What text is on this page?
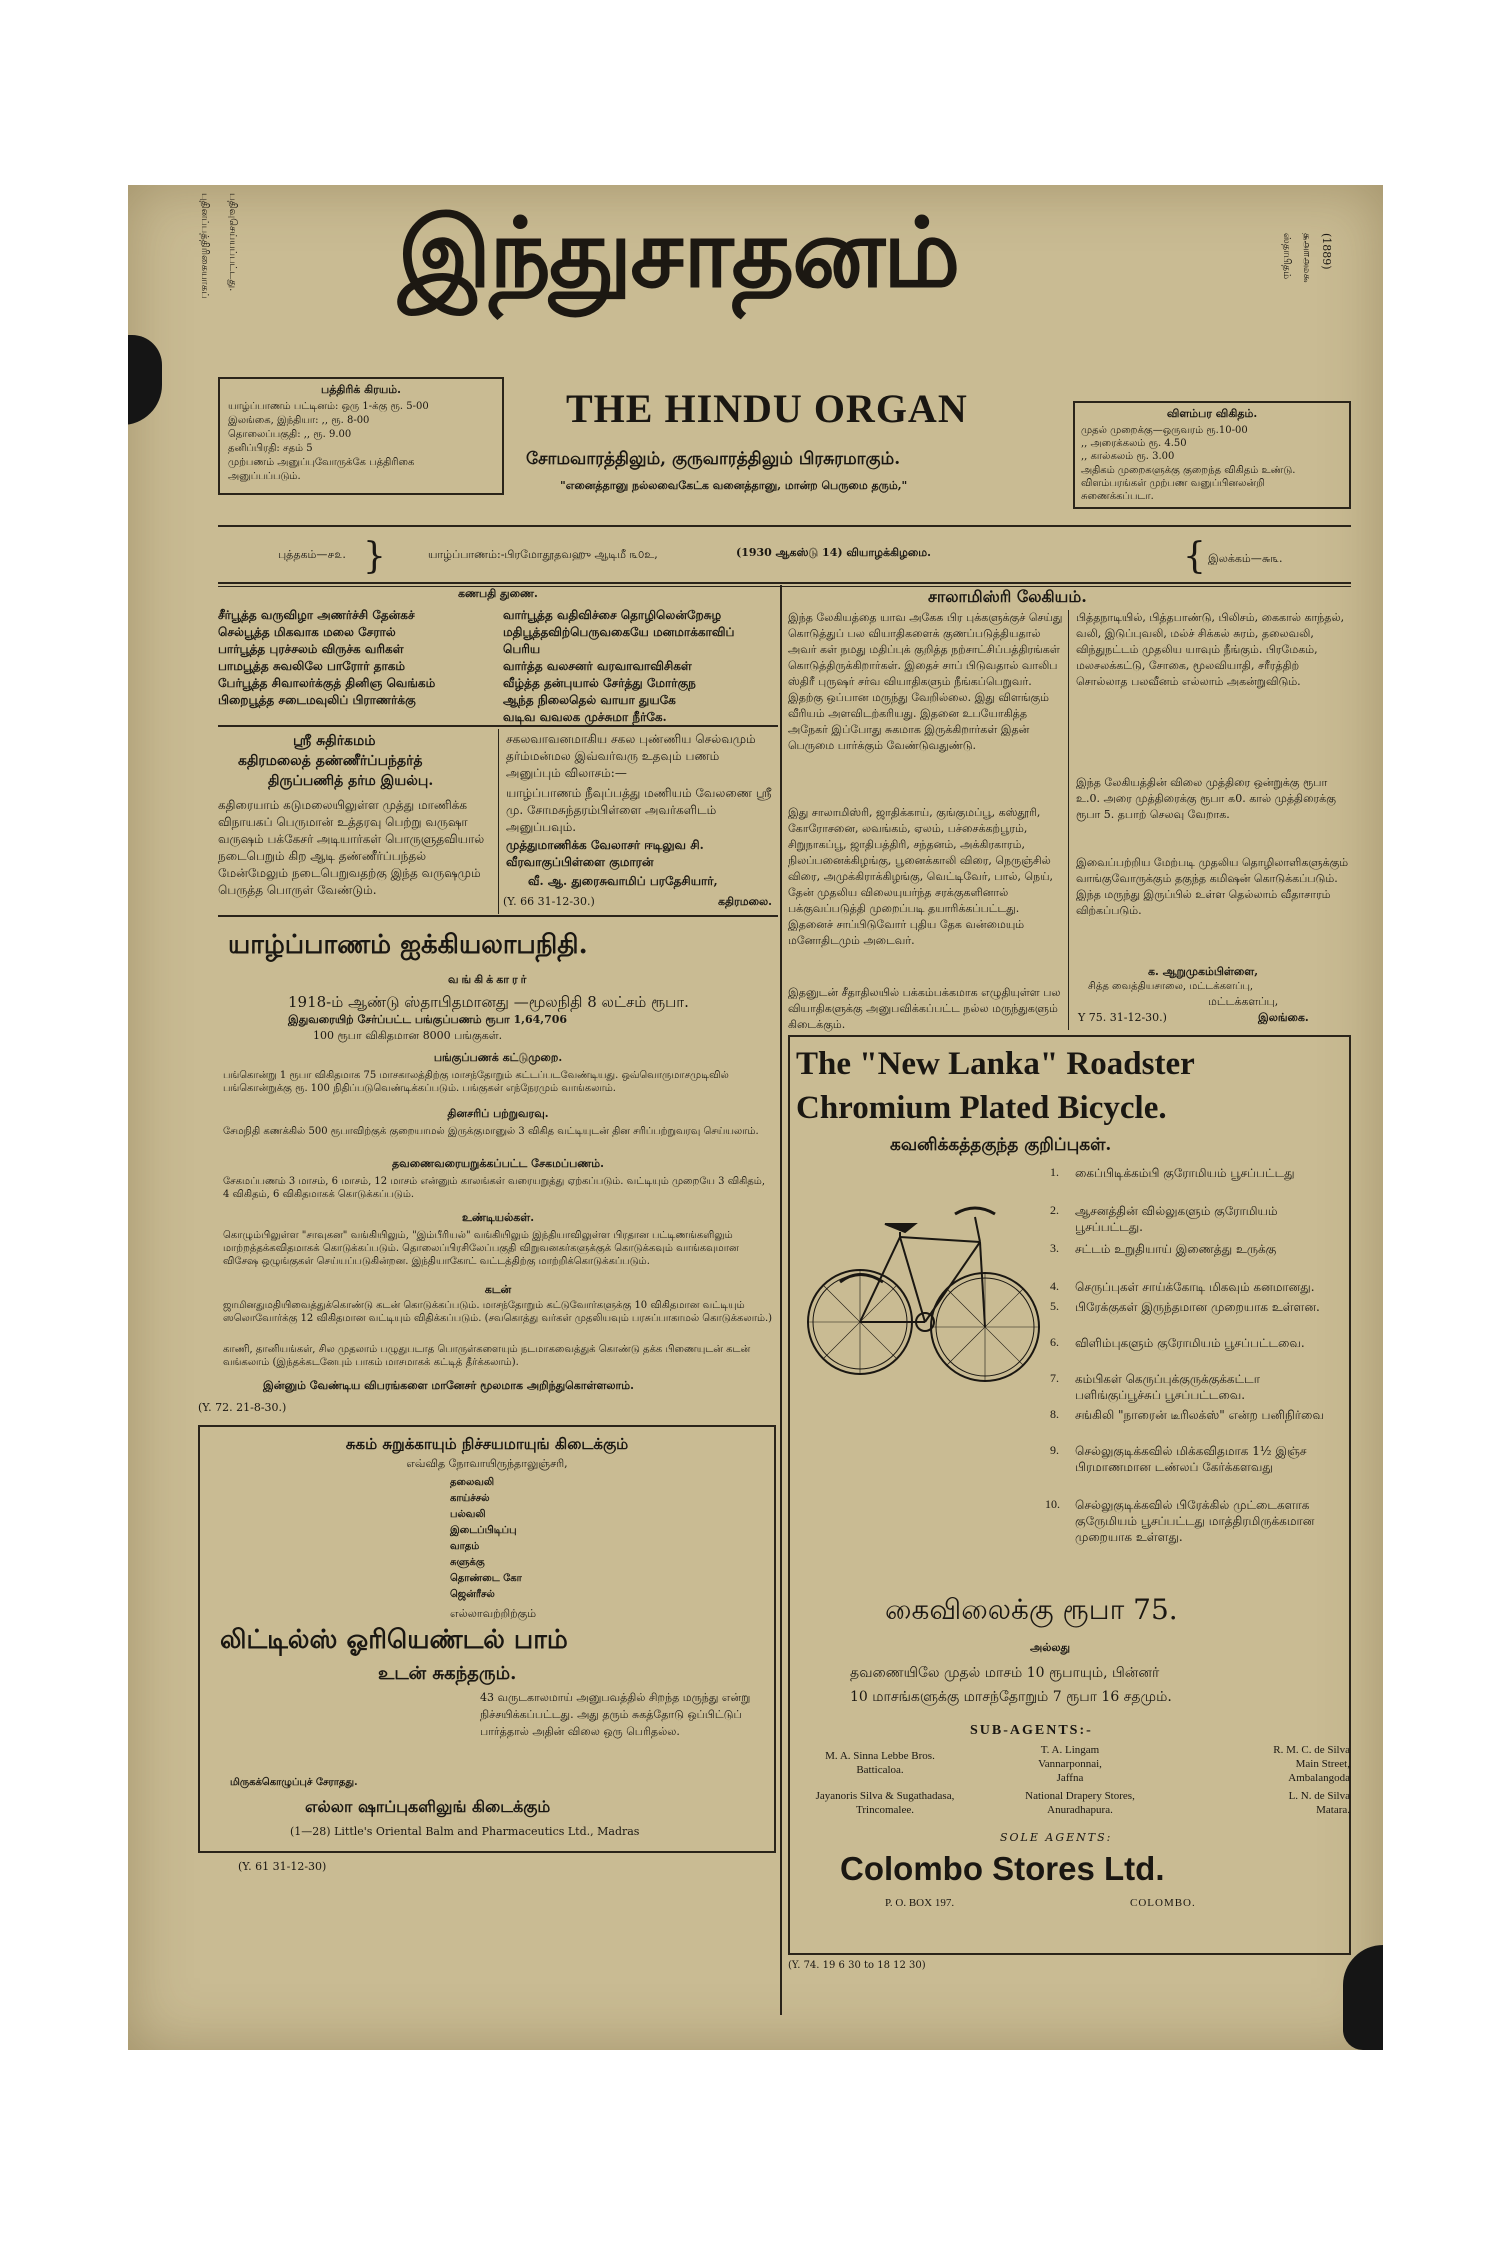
புதினப்பத்திரிகையாகப் பதிவுசெய்யப்பட்டது.	ஸ்தாபிதம் ௲௮௱௮௰௯ (1889)
இந்துசாதனம்
THE HINDU ORGAN
சோமவாரத்திலும், குருவாரத்திலும் பிரசுரமாகும்.
"எனைத்தானு நல்லவைகேட்க வனைத்தானு, மான்ற பெருமை தரும்,"
பத்திரிக் கிரயம்.
யாழ்ப்பாணம் பட்டினம்: ஒரு 1-க்கு ரூ. 5-00
இலங்கை, இந்தியா: ,, ரூ. 8-00
தொலைப்பகுதி: ,, ரூ. 9.00
தனிப்பிரதி: சதம் 5
முற்பணம் அனுப்புவோருக்கே பத்திரிகை
அனுப்பப்படும்.
விளம்பர விகிதம்.
முதல் முறைக்கு—ஒருவரம் ரூ.10-00
,, அரைக்கலம் ரூ. 4.50
,, கால்கலம் ரூ. 3.00
அதிகம் முறைகளுக்கு குறைந்த விகிதம் உண்டு.
விளம்பரங்கள் முற்பண வனுப்பினலன்றி
சுணைக்கப்படா.
புத்தகம்—௪௨. }	யாழ்ப்பாணம்:-பிரமோதூதவஹு ஆடிமீ ௩௦உ,	(1930 ஆகஸ்டு 14) வியாழக்கிழமை.	{ இலக்கம்—௬௩.
கணபதி துணை.
சீர்பூத்த வருவிழா அணர்ச்சி தேன்கச்
செல்பூத்த மிகவாக மலை சேரால்
பார்பூத்த புரச்சலம் விருச்க வரிகள்
பாமபூத்த சுவலிலே பாரோர் தாகம்
பேர்பூத்த சிவாலர்க்குத் தினிஞ வெங்கம்
பிறைபூத்த சடைமவுலிப் பிராணர்க்கு
வார்பூத்த வதிவிச்சை தொழிலென்றேசுழ
மதிபூத்தவிற்பெருவகையே மனமாக்காவிப் பெரிய
வார்த்த வலசனர் வரவாவாவிசிகள்
வீழ்த்த தன்புயால் சேர்த்து மோர்குந
ஆந்த நிலைதெல் வாயா துயகே
வடிவ வவலக முச்சுமா நீர்கே.
ஸ்ரீ சுதிர்கமம்
கதிரமலைத் தண்ணீர்ப்பந்தர்த்
திருப்பணித் தர்ம இயல்பு.
கதிரையாம் கடுமலையிலுள்ள முத்து மாணிக்க விநாயகப் பெருமான் உத்தரவு பெற்று வருஷா வருஷம் பக்கேசர் அடியார்கள் பொருளுதவியால் நடைபெறும் கிற ஆடி தண்ணீர்ப்பந்தல் மேன்மேலும் நடைபெறுவதற்கு இந்த வருஷமும் பெருத்த பொருள் வேண்டும்.
சகலவாவனமாகிய சகல புண்ணிய செல்வமும் தர்ம்மன்மல இவ்வர்வரு உதவும் பணம் அனுப்பும் விலாசம்:—
யாழ்ப்பாணம் நீவுப்பத்து மணியம் வேலணை ஸ்ரீ மு. சோமசுந்தரம்பிள்ளை அவர்களிடம் அனுப்பவும்.
முத்துமாணிக்க வேலாசர் ஈடிலுவ சி. வீரவாகுப்பிள்ளை குமாரன்
வீ. ஆ. துரைசுவாமிப் பரதேசியார்,
(Y. 66 31-12-30.)	கதிரமலை.
யாழ்ப்பாணம் ஐக்கியலாபநிதி.
வங்கிக்காரர்
1918-ம் ஆண்டு ஸ்தாபிதமானது —மூலநிதி 8 லட்சம் ரூபா.
இதுவரையிற் சேர்ப்பட்ட பங்குப்பணம் ரூபா 1,64,706
100 ரூபா விகிதமான 8000 பங்குகள்.
பங்குப்பணக் கட்டுமுறை.
பங்கொன்று 1 ரூபா விகிதமாக 75 மாசகாலத்திற்கு மாசந்தோறும் கட்டப்படவேண்டியது. ஒவ்வொருமாசமுடிவில் பங்கொன்றுக்கு ரூ. 100 நிதிப்படுவெண்டிக்கப்படும். பங்குகள் எந்நேரமும் வாங்கலாம்.
தினசரிப் பற்றுவரவு.
சேமநிதி கணக்கில் 500 ரூபாவிற்குக் குறையாமல் இருக்குமானுல் 3 விகித வட்டியுடன் தின சரிப்பற்றுவரவு செய்யலாம்.
தவணைவரையறுக்கப்பட்ட சேகமப்பணம்.
சேகமப்பணம் 3 மாசம், 6 மாசம், 12 மாசம் என்னும் காலங்கள் வரையறுத்து ஏற்கப்படும். வட்டியும் முறையே 3 விகிதம், 4 விகிதம், 6 விகிதமாகக் கொடுக்கப்படும்.
உண்டியல்கள்.
கொழும்பிலுள்ள "சாவுகன" வங்கியிலும், "இம்பீரியல்" வங்கியிலும் இந்தியாவிலுள்ள பிரதான பட்டிணங்களிலும் மாற்றத்தக்கவிதமாகக் கொடுக்கப்படும். தொலைப்பிரசிலேப்பகுதி விறுவனகர்களுக்குக் கொடுக்கவும் வாங்கவுமான விசேஷ ஒழுங்குகள் செய்யப்படுகின்றன. இந்தியாகோட் வட்டத்திற்கு மாற்றிக்கொடுக்கப்படும்.
கடன்
ஜாமினதுமதியிவைத்துக்கொண்டு கடன் கொடுக்கப்படும். மாசந்தோறும் கட்டுவோர்களுக்கு 10 விகிதமான வட்டியும் ஸலொவோர்க்கு 12 விகிதமான வட்டியும் விதிக்கப்படும். (சவகொத்து வர்கள் முதலியவும் பரசுப்பாகாமல் கொடுக்கலாம்.)
காணி, தானியங்கள், சில முதலாம் பழுதுபடாத பொருள்களையும் நடமாகவைத்துக் கொண்டு தக்க பிணையுடன் கடன் வங்கலாம் (இந்தக்கடனேபும் பாகம் மாசமாகக் கட்டித் தீர்க்கலாம்).
இன்னும் வேண்டிய விபரங்களை மானேசர் மூலமாக அறிந்துகொள்ளலாம்.
(Y. 72. 21-8-30.)
சுகம் சுறுக்காயும் நிச்சயமாயுங் கிடைக்கும்
எவ்வித நோவாயிருந்தாலுஞ்சரி,
தலைவலி
காய்ச்சல்
பல்வலி
இடைப்பிடிப்பு
வாதம்
சுளுக்கு
தொண்டை கோ
ஜென்ரீசல்
எல்லாவற்றிற்கும்
லிட்டில்ஸ் ஓரியெண்டல் பாம்
உடன் சுகந்தரும்.
43 வருடகாலமாய் அனுபவத்தில் சிறந்த மருந்து என்று நிச்சயிக்கப்பட்டது. அது தரும் சுகத்தோடு ஒப்பிட்டுப் பார்த்தால் அதின் விலை ஒரு பெரிதல்ல.
மிருகக்கொழுப்புச் சேராதது.
எல்லா ஷாப்புகளிலுங் கிடைக்கும்
(1—28) Little's Oriental Balm and Pharmaceutics Ltd., Madras
(Y. 61 31-12-30)
சாலாமிஸ்ரி லேகியம்.
இந்த லேகியத்தை யாவ அகேக பிர புக்களுக்குச் செய்து கொடுத்துப் பல வியாதிகளைக் குணப்படுத்தியதால் அவர் கள் நமது மதிப்புக் குறித்த நற்சாட்சிப்பத்திரங்கள் கொடுத்திருக்கிறார்கள். இதைச் சாப் பிடுவதால் வாலிப ஸ்திரீ புருஷர் சர்வ வியாதிகளும் நீங்கப்பெறுவர். இதற்கு ஒப்பான மருந்து வேறில்லை. இது விளங்கும் வீரியம் அளவிடற்கரியது. இதனை உபயோகித்த அநேகர் இப்போது சுகமாக இருக்கிறார்கள் இதன் பெருமை பார்க்கும் வேண்டுவதுண்டு.
இது சாலாமிஸ்ரி, ஜாதிக்காய், குங்குமப்பூ, கஸ்தூரி, கோரோசனை, லவங்கம், ஏலம், பச்சைக்கற்பூரம், சிறுநாகப்பூ, ஜாதிபத்திரி, சந்தனம், அக்கிரகாரம், நிலப்பனைக்கிழங்கு, பூனைக்காலி விரை, நெருஞ்சில் விரை, அமுக்கிராக்கிழங்கு, வெட்டிவேர், பால், நெய், தேன் முதலிய விலையுயர்ந்த சரக்குகளினால் பக்குவப்படுத்தி முறைப்படி தயாரிக்கப்பட்டது. இதனைச் சாப்பிடுவோர் புதிய தேக வன்மையும் மனோதிடமும் அடைவர்.
இதனுடன் சீதாதிலயில் பக்கம்பக்கமாக எழுதியுள்ள பல வியாதிகளுக்கு அனுபவிக்கப்பட்ட நல்ல மருந்துகளும் கிடைக்கும்.
பித்தநாடியில், பித்தபாண்டு, பிலிசம், கைகால் காந்தல், வலி, இடுப்புவலி, மல்ச் சிக்கல் சுரம், தலைவலி, விந்துநட்டம் முதலிய யாவும் நீங்கும். பிரமேகம், மலசலக்கட்டு, சோகை, மூலவியாதி, சரீரத்திற் சொல்லாத பலவீனம் எல்லாம் அகன்றுவிடும்.
இந்த லேகியத்தின் விலை முத்திரை ஒன்றுக்கு ரூபா உ.0. அரை முத்திரைக்கு ரூபா ௧0. கால் முத்திரைக்கு ரூபா 5. தபாற் செலவு வேறாக.
இவைப்பற்றிய மேற்படி முதலிய தொழிலாளிகளுக்கும் வாங்குவோருக்கும் தகுந்த கமிஷன் கொடுக்கப்படும். இந்த மருந்து இருப்பில் உள்ள தெல்லாம் வீதாசாரம் விற்கப்படும்.
க. ஆறுமுகம்பிள்ளை,
சித்த வைத்தியசாலை, மட்டக்களப்பு,
மட்டக்களப்பு,
இலங்கை.
Y 75. 31-12-30.)
The "New Lanka" Roadster
Chromium Plated Bicycle.
கவனிக்கத்தகுந்த குறிப்புகள்.
1. கைப்பிடிக்கம்பி குரோமியம் பூசப்பட்டது
2. ஆசனத்தின் வில்லுகளும் குரோமியம் பூசப்பட்டது.
3. சட்டம் உறுதியாய் இணைத்து உருக்கு
4. செருப்புகள் சாய்க்கோடி மிகவும் கனமானது.
5. பிரேக்குகள் இருந்தமான முறையாக உள்ளன.
6. விளிம்புகளும் குரோமியம் பூசப்பட்டவை.
7. கம்பிகள் கெருப்புக்குருக்குக்கட்டா பளிங்குப்பூச்சுப் பூசப்பட்டவை.
8. சங்கிலி "நாரைன் டீரிலக்ஸ்" என்ற பனிநிர்வை
9. செல்லுகுடிக்கவில் மிக்கவிதமாக 1½ இஞ்ச பிரமாணமான டண்லப் கேர்க்களவது
10. செல்லுகுடிக்கவில் பிரேக்கில் முட்டைகளாக குருேமியம் பூசப்பட்டது மாத்திரமிருக்கமான முறையாக உள்ளது.
கைவிலைக்கு ரூபா 75.
அல்லது
தவணையிலே முதல் மாசம் 10 ரூபாயும், பின்னர்
10 மாசங்களுக்கு மாசந்தோறும் 7 ரூபா 16 சதமும்.
SUB-AGENTS:-
M. A. Sinna Lebbe Bros.
Batticaloa.
T. A. Lingam
Vannarponnai,
Jaffna
R. M. C. de Silva
Main Street,
Ambalangoda
Jayanoris Silva & Sugathadasa,
Trincomalee.
National Drapery Stores,
Anuradhapura.
L. N. de Silva
Matara.
SOLE AGENTS:
Colombo Stores Ltd.
P. O. BOX 197.	COLOMBO.
(Y. 74. 19 6 30 to 18 12 30)
